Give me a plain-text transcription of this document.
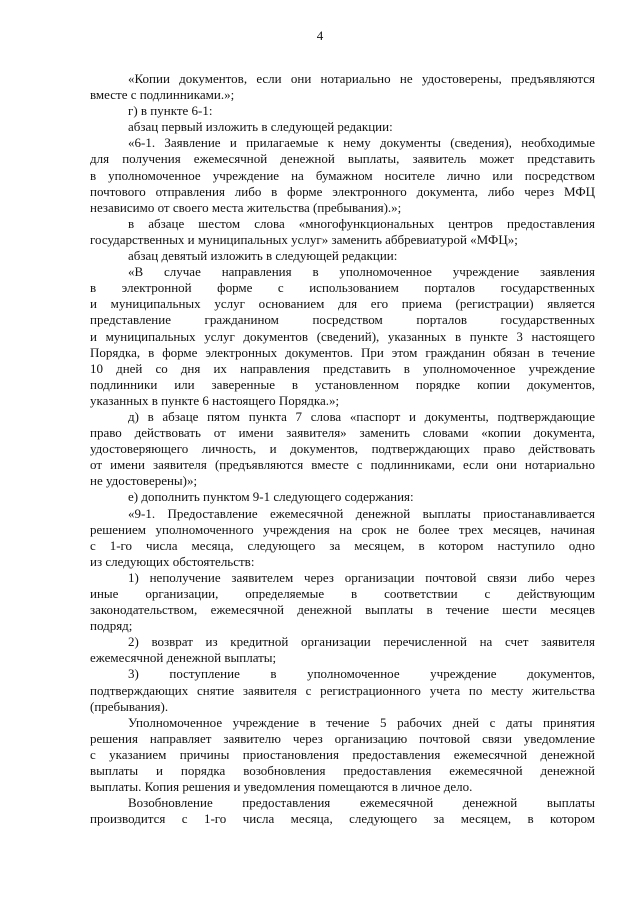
4
«Копии документов, если они нотариально не удостоверены, предъявляются
вместе с подлинниками.»;
г) в пункте 6-1:
абзац первый изложить в следующей редакции:
«6-1. Заявление и прилагаемые к нему документы (сведения), необходимые
для получения ежемесячной денежной выплаты, заявитель может представить
в уполномоченное учреждение на бумажном носителе лично или посредством
почтового отправления либо в форме электронного документа, либо через МФЦ
независимо от своего места жительства (пребывания).»;
в абзаце шестом слова «многофункциональных центров предоставления
государственных и муниципальных услуг» заменить аббревиатурой «МФЦ»;
абзац девятый изложить в следующей редакции:
«В случае направления в уполномоченное учреждение заявления
в электронной форме с использованием порталов государственных
и муниципальных услуг основанием для его приема (регистрации) является
представление гражданином посредством порталов государственных
и муниципальных услуг документов (сведений), указанных в пункте 3 настоящего
Порядка, в форме электронных документов. При этом гражданин обязан в течение
10 дней со дня их направления представить в уполномоченное учреждение
подлинники или заверенные в установленном порядке копии документов,
указанных в пункте 6 настоящего Порядка.»;
д) в абзаце пятом пункта 7 слова «паспорт и документы, подтверждающие
право действовать от имени заявителя» заменить словами «копии документа,
удостоверяющего личность, и документов, подтверждающих право действовать
от имени заявителя (предъявляются вместе с подлинниками, если они нотариально
не удостоверены)»;
е) дополнить пунктом 9-1 следующего содержания:
«9-1. Предоставление ежемесячной денежной выплаты приостанавливается
решением уполномоченного учреждения на срок не более трех месяцев, начиная
с 1-го числа месяца, следующего за месяцем, в котором наступило одно
из следующих обстоятельств:
1) неполучение заявителем через организации почтовой связи либо через
иные организации, определяемые в соответствии с действующим
законодательством, ежемесячной денежной выплаты в течение шести месяцев
подряд;
2) возврат из кредитной организации перечисленной на счет заявителя
ежемесячной денежной выплаты;
3) поступление в уполномоченное учреждение документов,
подтверждающих снятие заявителя с регистрационного учета по месту жительства
(пребывания).
Уполномоченное учреждение в течение 5 рабочих дней с даты принятия
решения направляет заявителю через организацию почтовой связи уведомление
с указанием причины приостановления предоставления ежемесячной денежной
выплаты и порядка возобновления предоставления ежемесячной денежной
выплаты. Копия решения и уведомления помещаются в личное дело.
Возобновление предоставления ежемесячной денежной выплаты
производится с 1-го числа месяца, следующего за месяцем, в котором
